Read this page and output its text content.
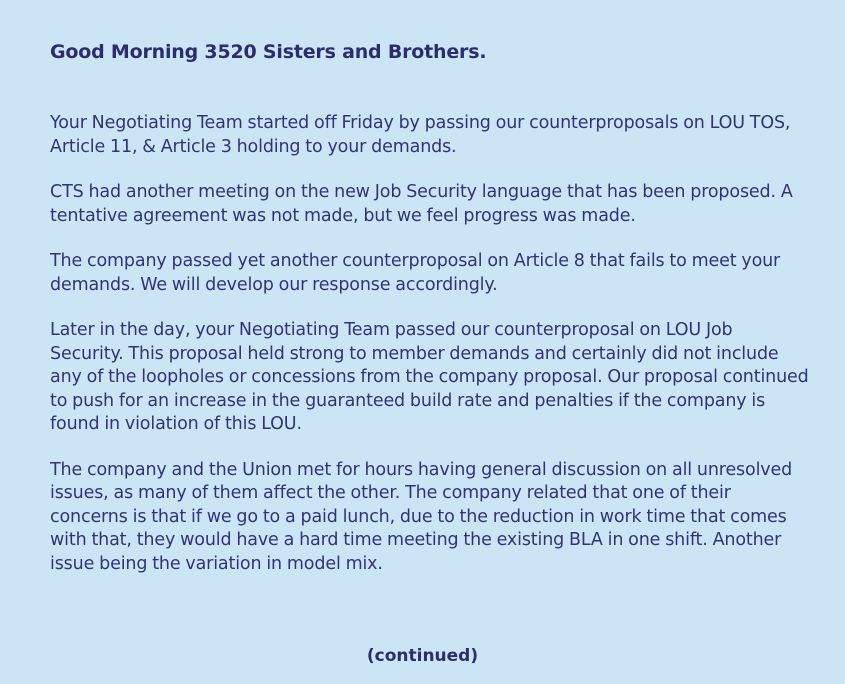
Good Morning 3520 Sisters and Brothers.

Your Negotiating Team started off Friday by passing our counterproposals on LOU TOS, Article 11, & Article 3 holding to your demands.

CTS had another meeting on the new Job Security language that has been proposed. A tentative agreement was not made, but we feel progress was made.

The company passed yet another counterproposal on Article 8 that fails to meet your demands. We will develop our response accordingly.

Later in the day, your Negotiating Team passed our counterproposal on LOU Job Security. This proposal held strong to member demands and certainly did not include any of the loopholes or concessions from the company proposal. Our proposal continued to push for an increase in the guaranteed build rate and penalties if the company is found in violation of this LOU.

The company and the Union met for hours having general discussion on all unresolved issues, as many of them affect the other. The company related that one of their concerns is that if we go to a paid lunch, due to the reduction in work time that comes with that, they would have a hard time meeting the existing BLA in one shift. Another issue being the variation in model mix.

(continued)
